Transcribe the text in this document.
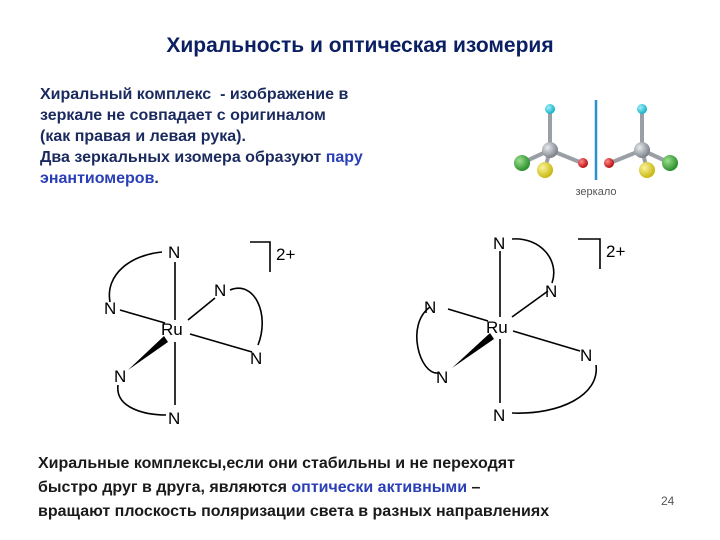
Хиральность и оптическая изомерия
Хиральный комплекс  - изображение в
зеркале не совпадает с оригиналом
(как правая и левая рука).
Два зеркальных изомера образуют пару
энантиомеров.
зеркало
N
N
N
N
N
N
Ru
2+
N
N
N
N
N
N
Ru
2+
Хиральные комплексы,если они стабильны и не переходят
быстро друг в друга, являются оптически активными –
вращают плоскость поляризации света в разных направлениях
24
